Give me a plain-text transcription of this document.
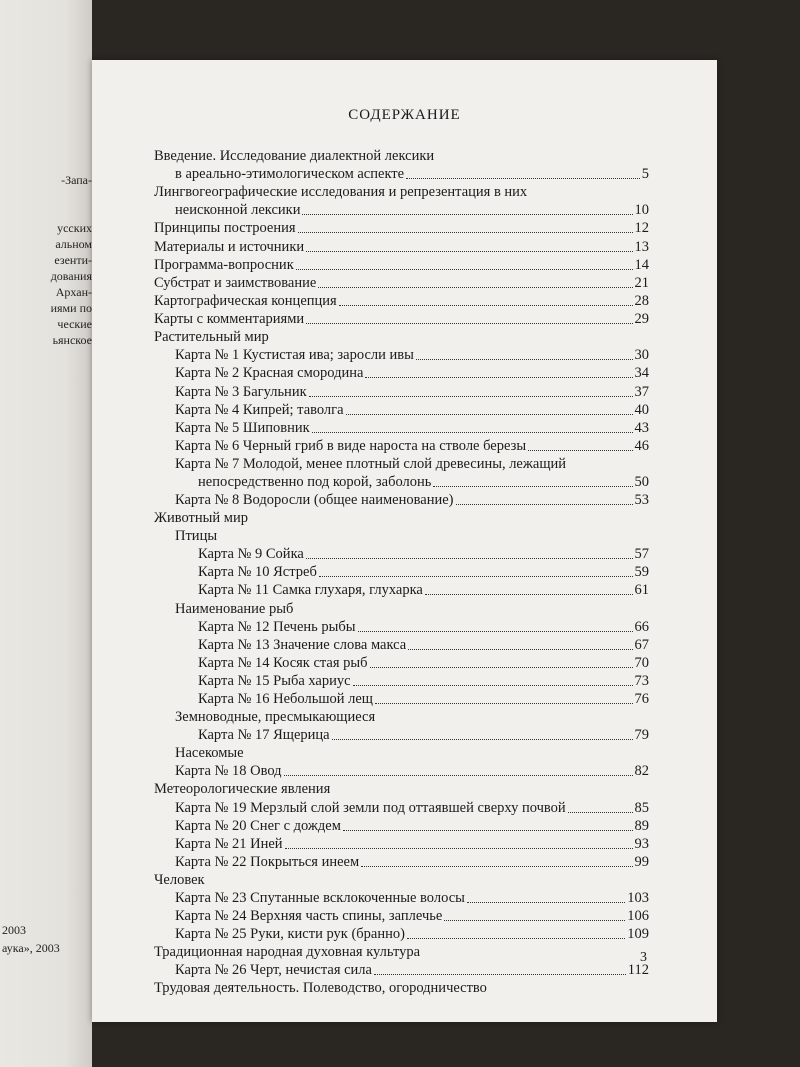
-Запа-
усских
альном
езенти-
дования
Архан-
иями по
ческие
ьянское
2003
аука», 2003
СОДЕРЖАНИЕ
Введение. Исследование диалектной лексики
в ареально-этимологическом аспекте	5
Лингвогеографические исследования и репрезентация в них
неисконной лексики	10
Принципы построения	12
Материалы и источники	13
Программа-вопросник	14
Субстрат и заимствование	21
Картографическая концепция	28
Карты с комментариями	29
Растительный мир
Карта № 1 Кустистая ива; заросли ивы	30
Карта № 2 Красная смородина	34
Карта № 3 Багульник	37
Карта № 4 Кипрей; таволга	40
Карта № 5 Шиповник	43
Карта № 6 Черный гриб в виде нароста на стволе березы	46
Карта № 7 Молодой, менее плотный слой древесины, лежащий
непосредственно под корой, заболонь	50
Карта № 8 Водоросли (общее наименование)	53
Животный мир
Птицы
Карта № 9 Сойка	57
Карта № 10 Ястреб	59
Карта № 11 Самка глухаря, глухарка	61
Наименование рыб
Карта № 12 Печень рыбы	66
Карта № 13 Значение слова макса	67
Карта № 14 Косяк стая рыб	70
Карта № 15 Рыба хариус	73
Карта № 16 Небольшой лещ	76
Земноводные, пресмыкающиеся
Карта № 17 Ящерица	79
Насекомые
Карта № 18 Овод	82
Метеорологические явления
Карта № 19 Мерзлый слой земли под оттаявшей сверху почвой	85
Карта № 20 Снег с дождем	89
Карта № 21 Иней	93
Карта № 22 Покрыться инеем	99
Человек
Карта № 23 Спутанные всклокоченные волосы	103
Карта № 24 Верхняя часть спины, заплечье	106
Карта № 25 Руки, кисти рук (бранно)	109
Традиционная народная духовная культура
Карта № 26 Черт, нечистая сила	112
Трудовая деятельность. Полеводство, огородничество
3
